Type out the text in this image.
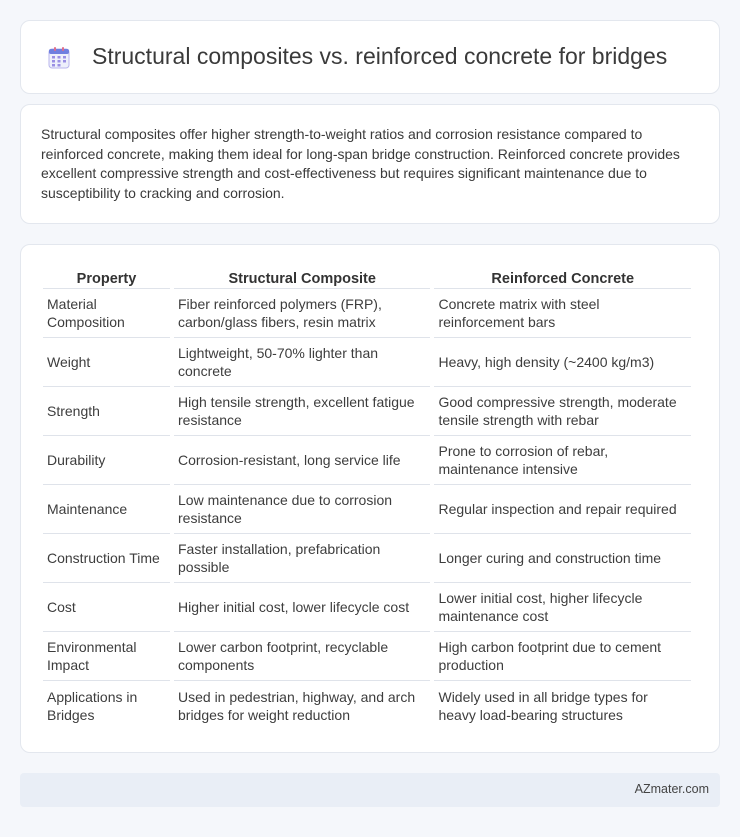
Structural composites vs. reinforced concrete for bridges

Structural composites offer higher strength-to-weight ratios and corrosion resistance compared to reinforced concrete, making them ideal for long-span bridge construction. Reinforced concrete provides excellent compressive strength and cost-effectiveness but requires significant maintenance due to susceptibility to cracking and corrosion.

Property	Structural Composite	Reinforced Concrete
Material Composition	Fiber reinforced polymers (FRP), carbon/glass fibers, resin matrix	Concrete matrix with steel reinforcement bars
Weight	Lightweight, 50-70% lighter than concrete	Heavy, high density (~2400 kg/m3)
Strength	High tensile strength, excellent fatigue resistance	Good compressive strength, moderate tensile strength with rebar
Durability	Corrosion-resistant, long service life	Prone to corrosion of rebar, maintenance intensive
Maintenance	Low maintenance due to corrosion resistance	Regular inspection and repair required
Construction Time	Faster installation, prefabrication possible	Longer curing and construction time
Cost	Higher initial cost, lower lifecycle cost	Lower initial cost, higher lifecycle maintenance cost
Environmental Impact	Lower carbon footprint, recyclable components	High carbon footprint due to cement production
Applications in Bridges	Used in pedestrian, highway, and arch bridges for weight reduction	Widely used in all bridge types for heavy load-bearing structures
AZmater.com
